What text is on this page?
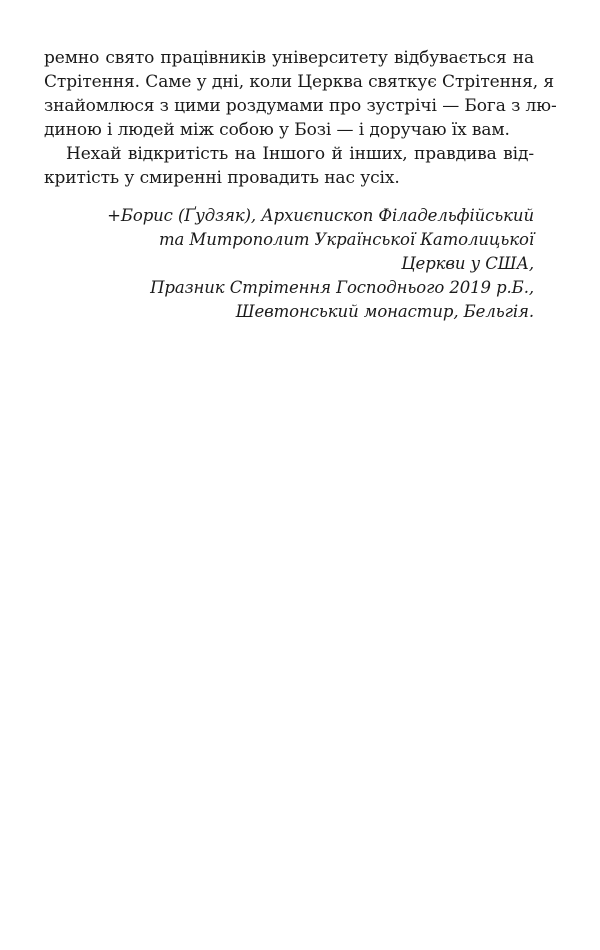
ремно свято працівників університету відбувається на
Стрітення. Саме у дні, коли Церква святкує Стрітення, я
знайомлюся з цими роздумами про зустрічі — Бога з лю-
диною і людей між собою у Бозі — і доручаю їх вам.
Нехай відкритість на Іншого й інших, правдива від-
критість у смиренні провадить нас усіх.
+Борис (Ґудзяк), Архиєпископ Філадельфійський
та Митрополит Української Католицької
Церкви у США,
Празник Стрітення Господнього 2019 р.Б.,
Шевтонський монастир, Бельгія.
